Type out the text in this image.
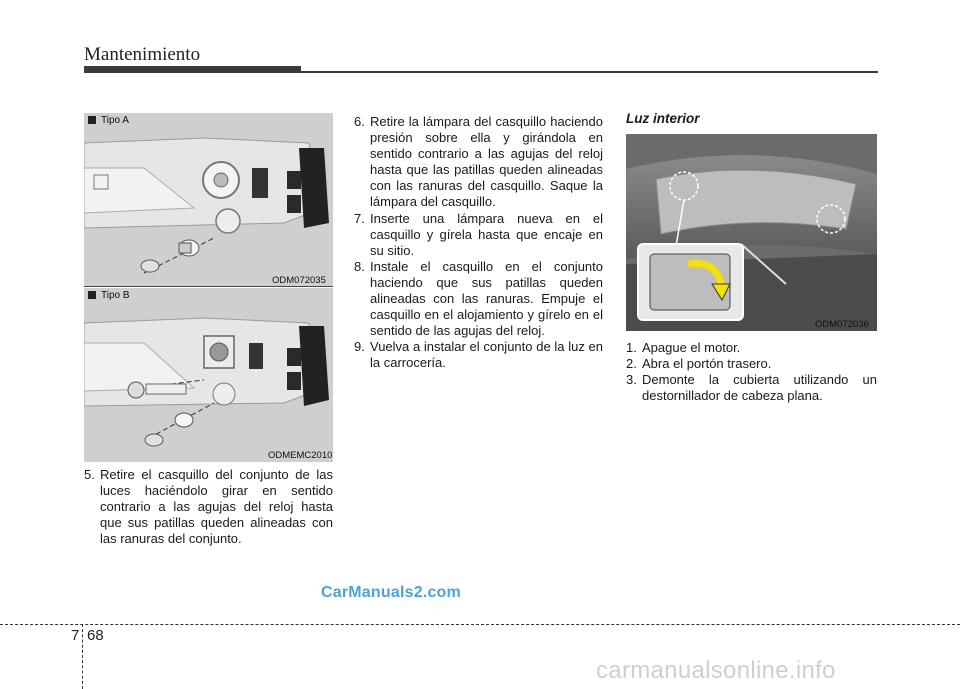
Mantenimiento
Tipo A
ODM072035
Tipo B
ODMEMC2010

5. Retire el casquillo del conjunto de las luces haciéndolo girar en sentido contrario a las agujas del reloj hasta que sus patillas queden alineadas con las ranuras del conjunto.

6. Retire la lámpara del casquillo haciendo presión sobre ella y girándola en sentido contrario a las agujas del reloj hasta que las patillas queden alineadas con las ranuras del casquillo. Saque la lámpara del casquillo.

7. Inserte una lámpara nueva en el casquillo y gírela hasta que encaje en su sitio.

8. Instale el casquillo en el conjunto haciendo que sus patillas queden alineadas con las ranuras. Empuje el casquillo en el alojamiento y gírelo en el sentido de las agujas del reloj.

9. Vuelva a instalar el conjunto de la luz en la carrocería.

Luz interior
ODM072036

1. Apague el motor.

2. Abra el portón trasero.

3. Demonte la cubierta utilizando un destornillador de cabeza plana.

CarManuals2.com
7 68
carmanualsonline.info
